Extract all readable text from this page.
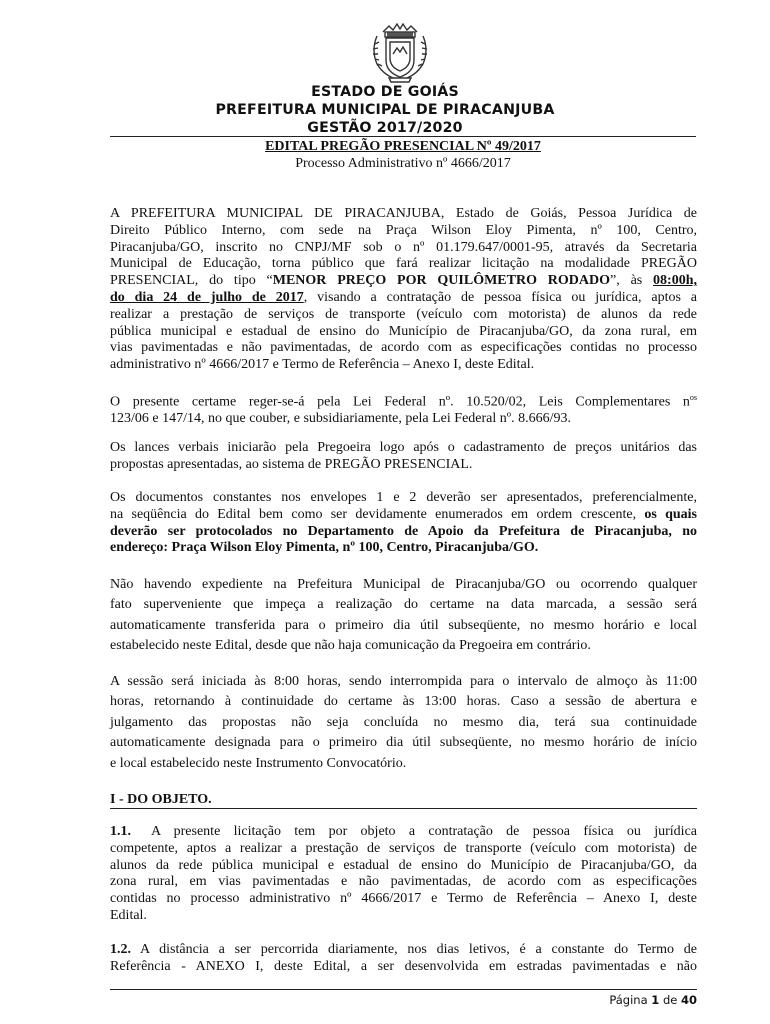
ESTADO DE GOIÁS
PREFEITURA MUNICIPAL DE PIRACANJUBA
GESTÃO 2017/2020
EDITAL PREGÃO PRESENCIAL Nº 49/2017
Processo Administrativo nº 4666/2017
A PREFEITURA MUNICIPAL DE PIRACANJUBA, Estado de Goiás, Pessoa Jurídica de
Direito Público Interno, com sede na Praça Wilson Eloy Pimenta, nº 100, Centro,
Piracanjuba/GO, inscrito no CNPJ/MF sob o nº 01.179.647/0001-95, através da Secretaria
Municipal de Educação, torna público que fará realizar licitação na modalidade PREGÃO
PRESENCIAL, do tipo “MENOR PREÇO POR QUILÔMETRO RODADO”, às 08:00h,
do dia 24 de julho de 2017, visando a contratação de pessoa física ou jurídica, aptos a
realizar a prestação de serviços de transporte (veículo com motorista) de alunos da rede
pública municipal e estadual de ensino do Município de Piracanjuba/GO, da zona rural, em
vias pavimentadas e não pavimentadas, de acordo com as especificações contidas no processo
administrativo nº 4666/2017 e Termo de Referência – Anexo I, deste Edital.
O presente certame reger-se-á pela Lei Federal nº. 10.520/02, Leis Complementares $n^{os}$
123/06 e 147/14, no que couber, e subsidiariamente, pela Lei Federal nº. 8.666/93.
Os lances verbais iniciarão pela Pregoeira logo após o cadastramento de preços unitários das
propostas apresentadas, ao sistema de PREGÃO PRESENCIAL.
Os documentos constantes nos envelopes 1 e 2 deverão ser apresentados, preferencialmente,
na seqüência do Edital bem como ser devidamente enumerados em ordem crescente, os quais
deverão ser protocolados no Departamento de Apoio da Prefeitura de Piracanjuba, no
endereço: Praça Wilson Eloy Pimenta, nº 100, Centro, Piracanjuba/GO.
Não havendo expediente na Prefeitura Municipal de Piracanjuba/GO ou ocorrendo qualquer
fato superveniente que impeça a realização do certame na data marcada, a sessão será
automaticamente transferida para o primeiro dia útil subseqüente, no mesmo horário e local
estabelecido neste Edital, desde que não haja comunicação da Pregoeira em contrário.
A sessão será iniciada às 8:00 horas, sendo interrompida para o intervalo de almoço às 11:00
horas, retornando à continuidade do certame às 13:00 horas. Caso a sessão de abertura e
julgamento das propostas não seja concluída no mesmo dia, terá sua continuidade
automaticamente designada para o primeiro dia útil subseqüente, no mesmo horário de início
e local estabelecido neste Instrumento Convocatório.
I - DO OBJETO.
1.1. A presente licitação tem por objeto a contratação de pessoa física ou jurídica
competente, aptos a realizar a prestação de serviços de transporte (veículo com motorista) de
alunos da rede pública municipal e estadual de ensino do Município de Piracanjuba/GO, da
zona rural, em vias pavimentadas e não pavimentadas, de acordo com as especificações
contidas no processo administrativo nº 4666/2017 e Termo de Referência – Anexo I, deste
Edital.
1.2. A distância a ser percorrida diariamente, nos dias letivos, é a constante do Termo de
Referência - ANEXO I, deste Edital, a ser desenvolvida em estradas pavimentadas e não
Página 1 de 40
